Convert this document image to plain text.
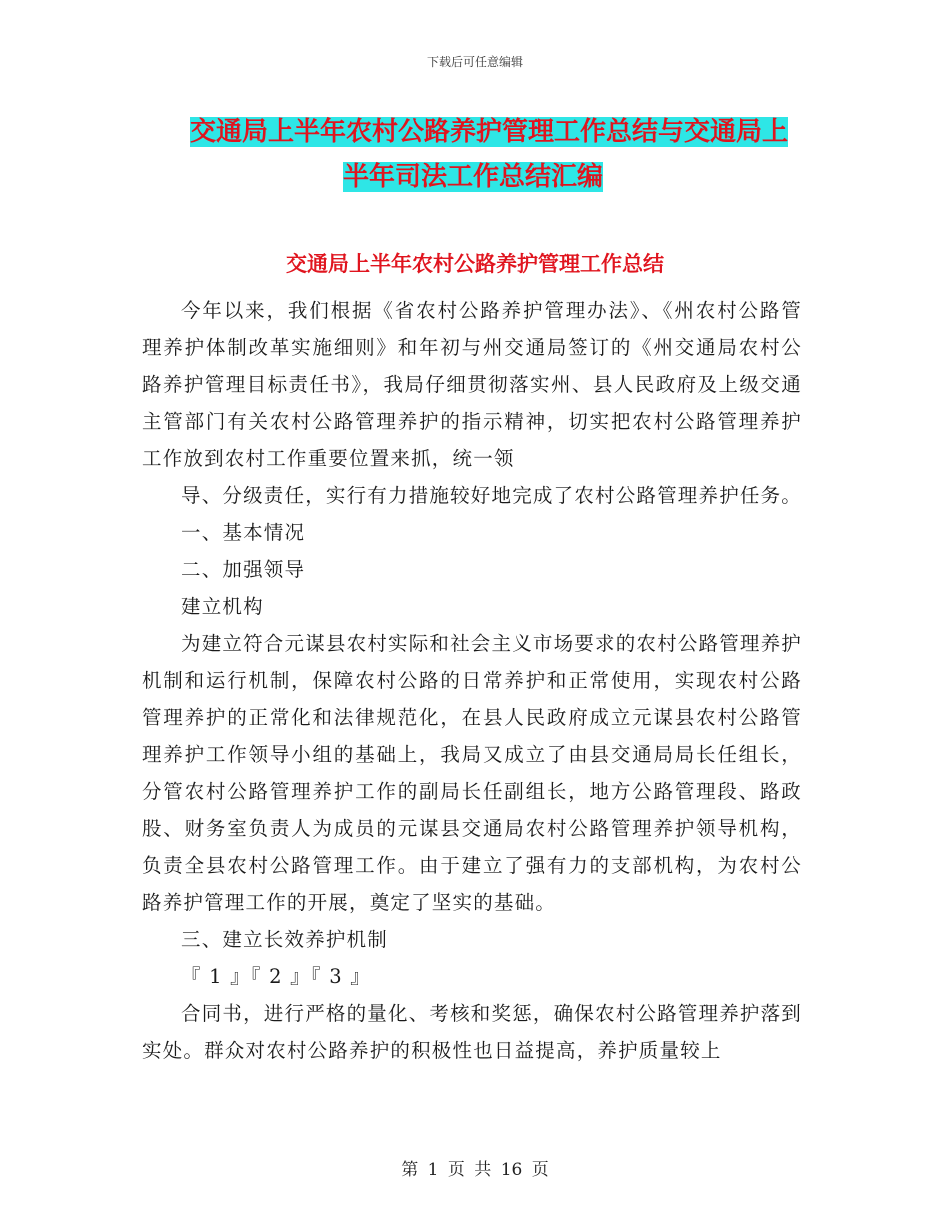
下载后可任意编辑
交通局上半年农村公路养护管理工作总结与交通局上
半年司法工作总结汇编
交通局上半年农村公路养护管理工作总结

今年以来，我们根据《省农村公路养护管理办法》、《州农村公路管理养护体制改革实施细则》和年初与州交通局签订的《州交通局农村公路养护管理目标责任书》，我局仔细贯彻落实州、县人民政府及上级交通主管部门有关农村公路管理养护的指示精神，切实把农村公路管理养护工作放到农村工作重要位置来抓，统一领

导、分级责任，实行有力措施较好地完成了农村公路管理养护任务。

一、基本情况

二、加强领导

建立机构

为建立符合元谋县农村实际和社会主义市场要求的农村公路管理养护机制和运行机制，保障农村公路的日常养护和正常使用，实现农村公路管理养护的正常化和法律规范化，在县人民政府成立元谋县农村公路管理养护工作领导小组的基础上，我局又成立了由县交通局局长任组长，分管农村公路管理养护工作的副局长任副组长，地方公路管理段、路政股、财务室负责人为成员的元谋县交通局农村公路管理养护领导机构，负责全县农村公路管理工作。由于建立了强有力的支部机构，为农村公路养护管理工作的开展，奠定了坚实的基础。

三、建立长效养护机制

『 1 』『 2 』『 3 』

合同书，进行严格的量化、考核和奖惩，确保农村公路管理养护落到实处。群众对农村公路养护的积极性也日益提高，养护质量较上

第 1 页 共 16 页
